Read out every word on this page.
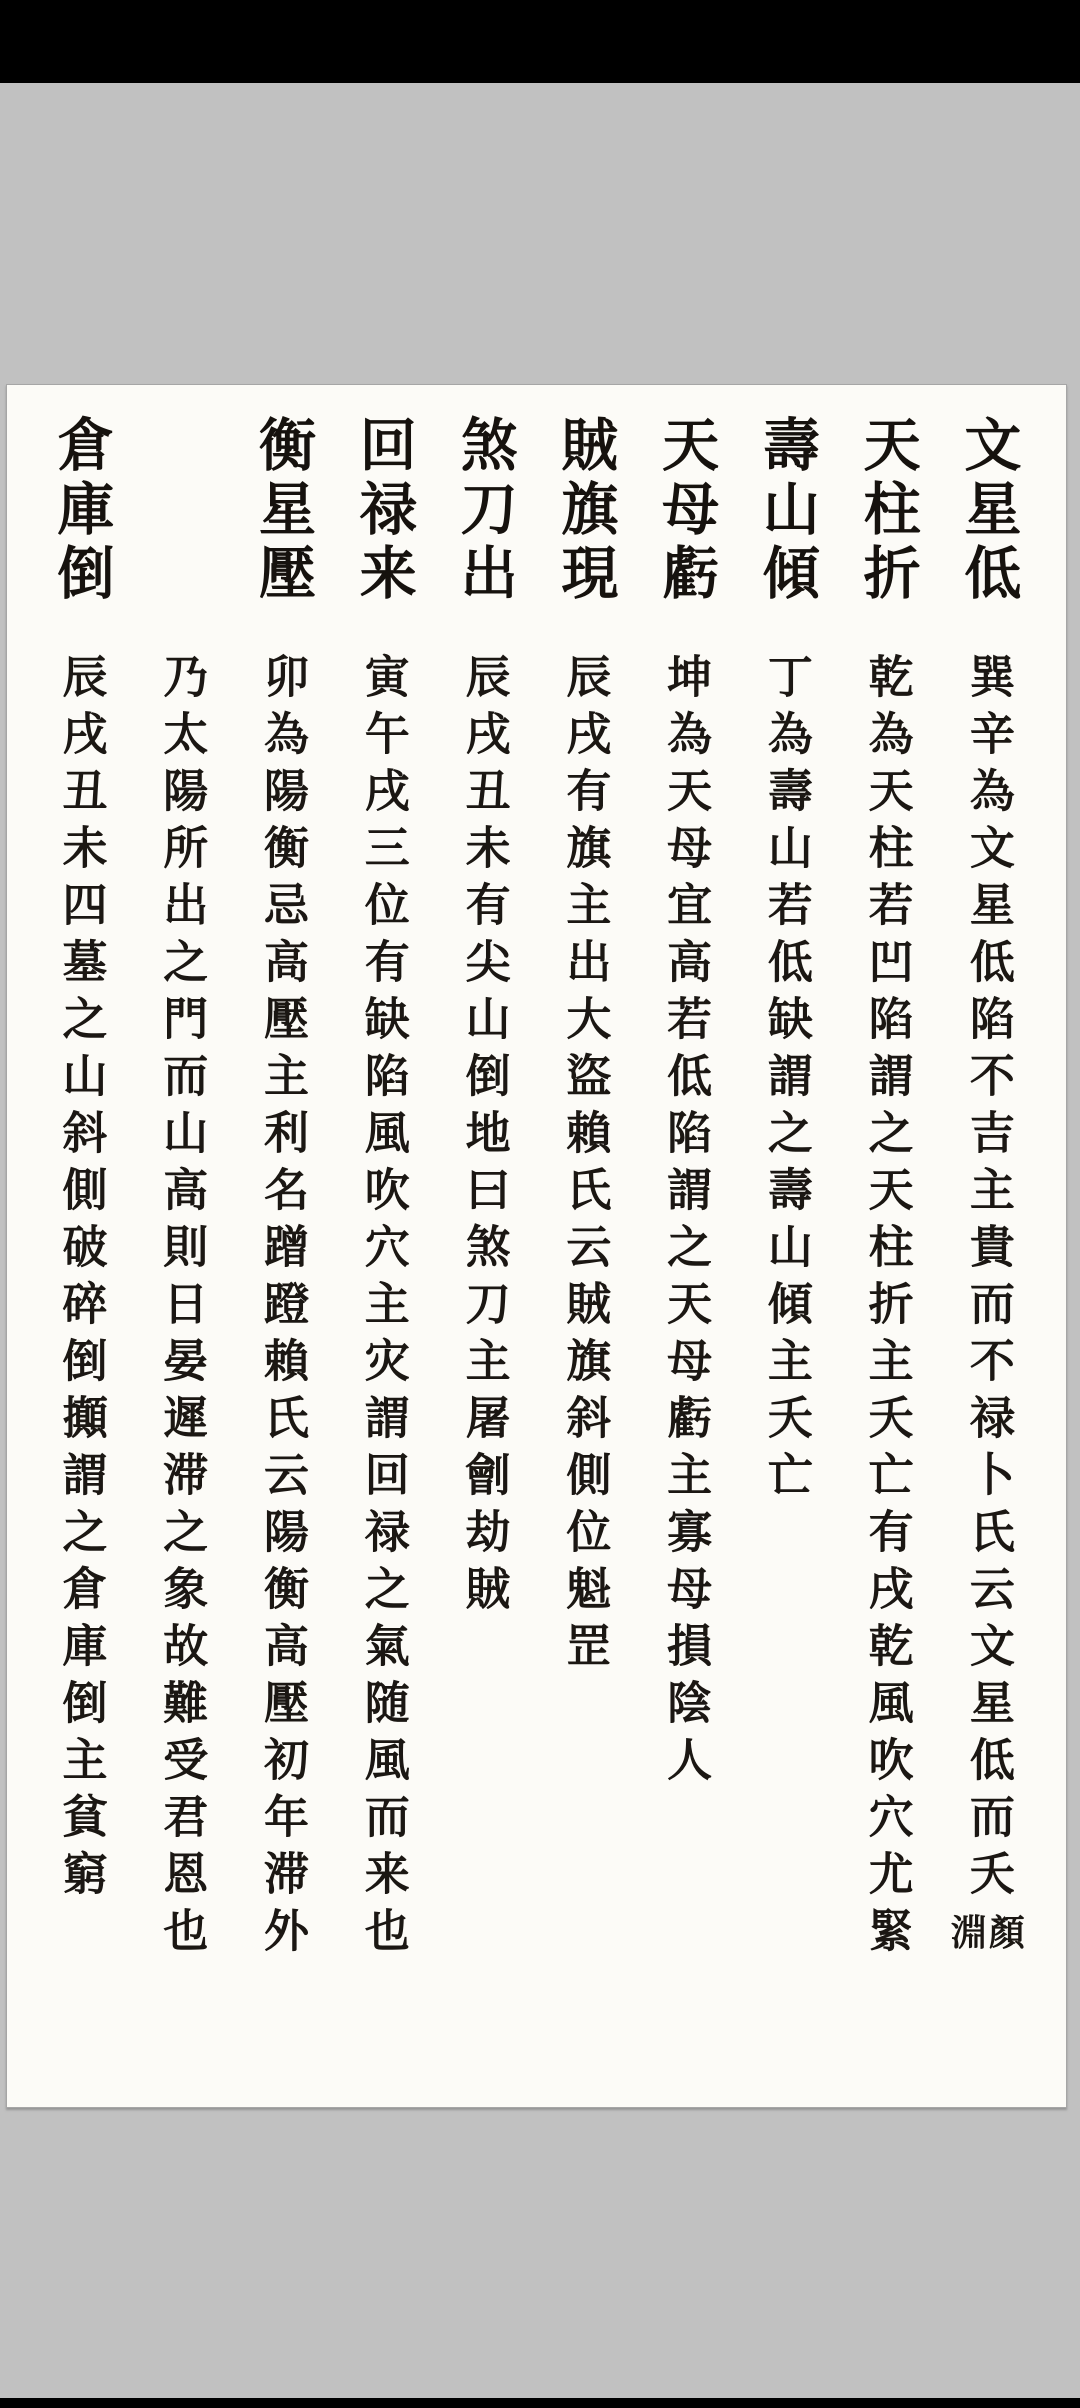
文星低
巽辛為文星低陷不吉主貴而不禄卜氏云文星低而夭
顏
淵
天柱折
乾為天柱若凹陷謂之天柱折主夭亡有戌乾風吹穴尤緊
壽山傾
丁為壽山若低缺謂之壽山傾主夭亡
天母虧
坤為天母宜高若低陷謂之天母虧主寡母損陰人
賊旗現
辰戌有旗主出大盜賴氏云賊旗斜側位魁罡
煞刀出
辰戌丑未有尖山倒地曰煞刀主屠劊劫賊
回禄来
寅午戌三位有缺陷風吹穴主灾謂回禄之氣随風而来也
衡星壓
卯為陽衡忌高壓主利名蹭蹬賴氏云陽衡高壓初年滞外
乃太陽所出之門而山高則日晏遲滞之象故難受君恩也
倉庫倒
辰戌丑未四墓之山斜側破碎倒攧謂之倉庫倒主貧窮
